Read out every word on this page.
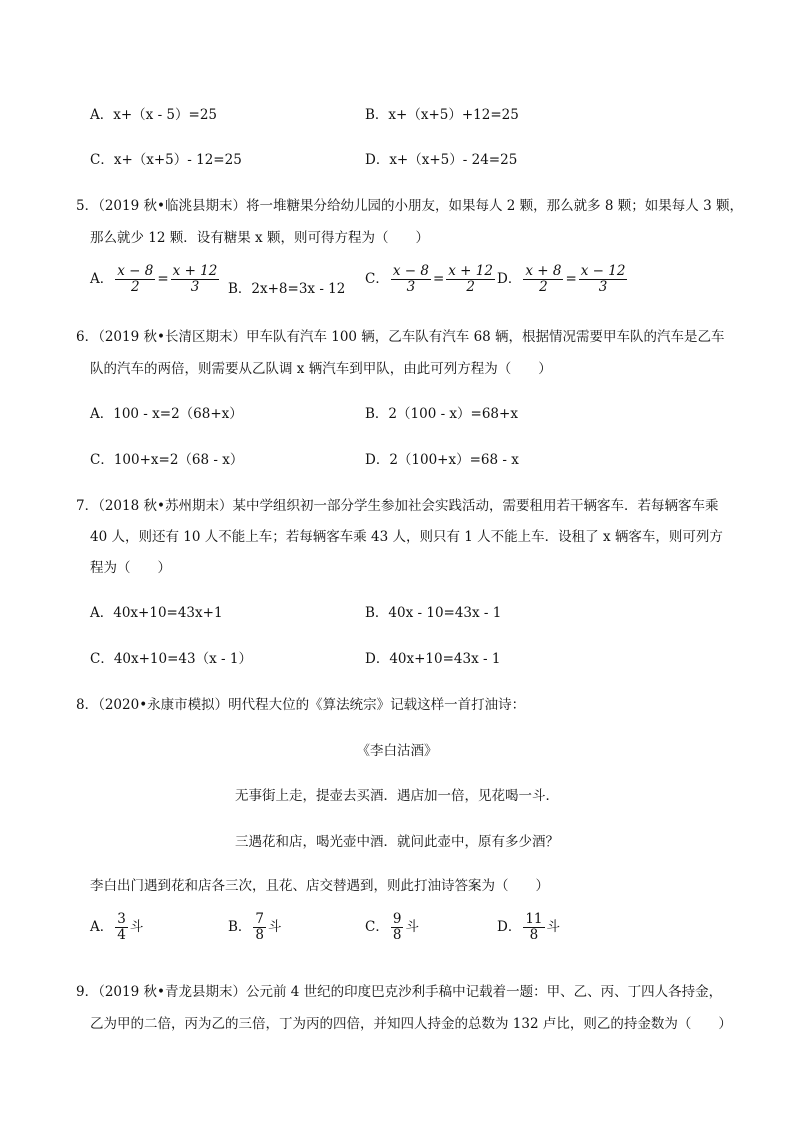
A．x+（x - 5）=25	B．x+（x+5）+12=25
C．x+（x+5）- 12=25	D．x+（x+5）- 24=25
5．（2019 秋•临洮县期末）将一堆糖果分给幼儿园的小朋友，如果每人 2 颗，那么就多 8 颗；如果每人 3 颗，
那么就少 12 颗．设有糖果 x 颗，则可得方程为（　　）
A． $\frac{x - 8}{2} = \frac{x + 12}{3}$ B．2x+8=3x - 12
C． $\frac{x - 8}{3} = \frac{x + 12}{2}$ D． $\frac{x + 8}{2} = \frac{x - 12}{3}$
6．（2019 秋•长清区期末）甲车队有汽车 100 辆，乙车队有汽车 68 辆，根据情况需要甲车队的汽车是乙车
队的汽车的两倍，则需要从乙队调 x 辆汽车到甲队，由此可列方程为（　　）
A．100 - x=2（68+x）	B．2（100 - x）=68+x
C．100+x=2（68 - x）	D．2（100+x）=68 - x
7．（2018 秋•苏州期末）某中学组织初一部分学生参加社会实践活动，需要租用若干辆客车．若每辆客车乘
40 人，则还有 10 人不能上车；若每辆客车乘 43 人，则只有 1 人不能上车．设租了 x 辆客车，则可列方
程为（　　）
A．40x+10=43x+1	B．40x - 10=43x - 1
C．40x+10=43（x - 1）	D．40x+10=43x - 1
8．（2020•永康市模拟）明代程大位的《算法统宗》记载这样一首打油诗：
《李白沽酒》
无事街上走，提壶去买酒．遇店加一倍，见花喝一斗．
三遇花和店，喝光壶中酒．就问此壶中，原有多少酒？
李白出门遇到花和店各三次，且花、店交替遇到，则此打油诗答案为（　　）
A． $\frac{3}{4}$ 斗	B． $\frac{7}{8}$ 斗	C． $\frac{9}{8}$ 斗	D． $\frac{11}{8}$ 斗
9．（2019 秋•青龙县期末）公元前 4 世纪的印度巴克沙利手稿中记载着一题：甲、乙、丙、丁四人各持金，
乙为甲的二倍，丙为乙的三倍，丁为丙的四倍，并知四人持金的总数为 132 卢比，则乙的持金数为（　　）
